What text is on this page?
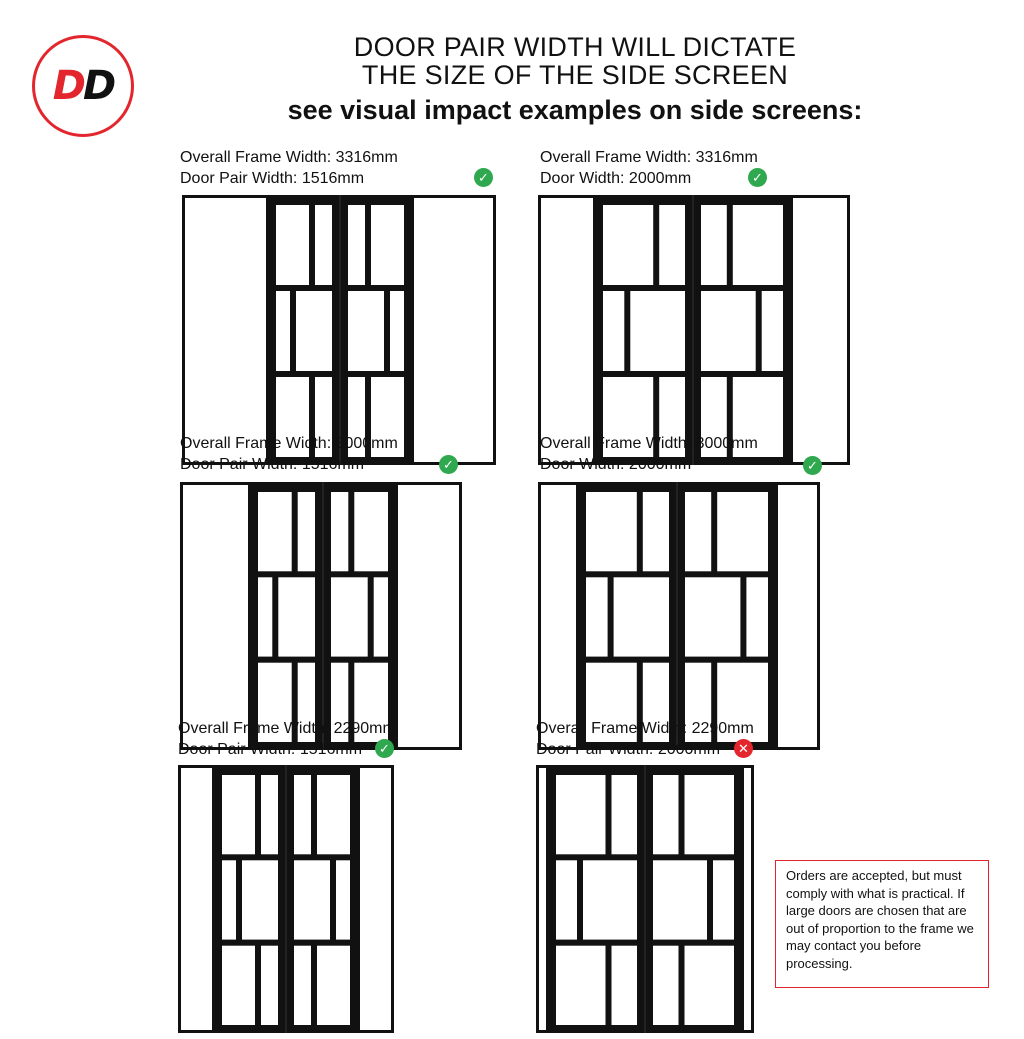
DD
DOOR PAIR WIDTH WILL DICTATE
THE SIZE OF THE SIDE SCREEN
see visual impact examples on side screens:
Overall Frame Width: 3316mm
Door Pair Width: 1516mm	✓
Overall Frame Width: 3316mm
Door Width: 2000mm	✓
Overall Frame Width: 3000mm
Door Pair Width: 1516mm	✓
Overall Frame Width: 3000mm
Door Width: 2000mm	✓
Overall Frame Width: 2290mm
Door Pair Width: 1516mm	✓
Overall Frame Width: 2290mm
Door Pair Width: 2000mm	✕
Orders are accepted, but must comply with what is practical. If large doors are chosen that are out of proportion to the frame we may contact you before processing.
